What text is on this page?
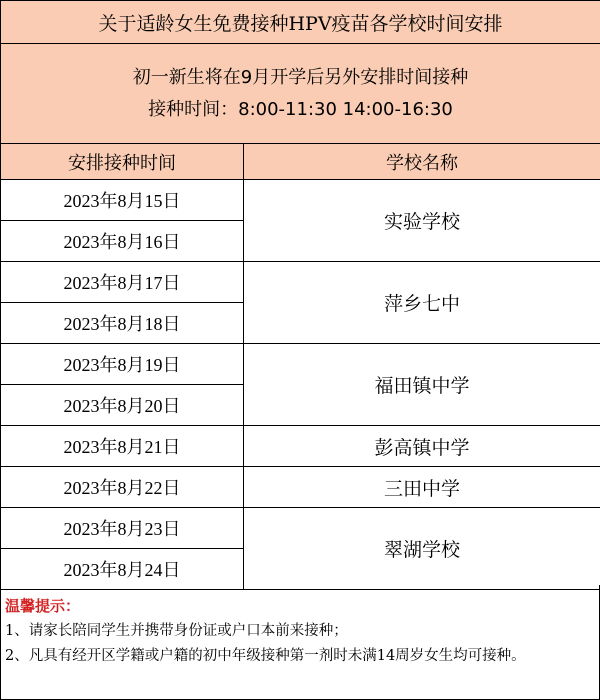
关于适龄女生免费接种HPV疫苗各学校时间安排	

初一新生将在9月开学后另外安排时间接种
接种时间：8:00-11:30 14:00-16:30	

安排接种时间	学校名称
2023年8月15日	实验学校
2023年8月16日	
2023年8月17日	萍乡七中
2023年8月18日	
2023年8月19日	福田镇中学
2023年8月20日	
2023年8月21日	彭高镇中学
2023年8月22日	三田中学
2023年8月23日	翠湖学校
2023年8月24日	
温馨提示：
1、请家长陪同学生并携带身份证或户口本前来接种；
2、凡具有经开区学籍或户籍的初中年级接种第一剂时未满14周岁女生均可接种。
